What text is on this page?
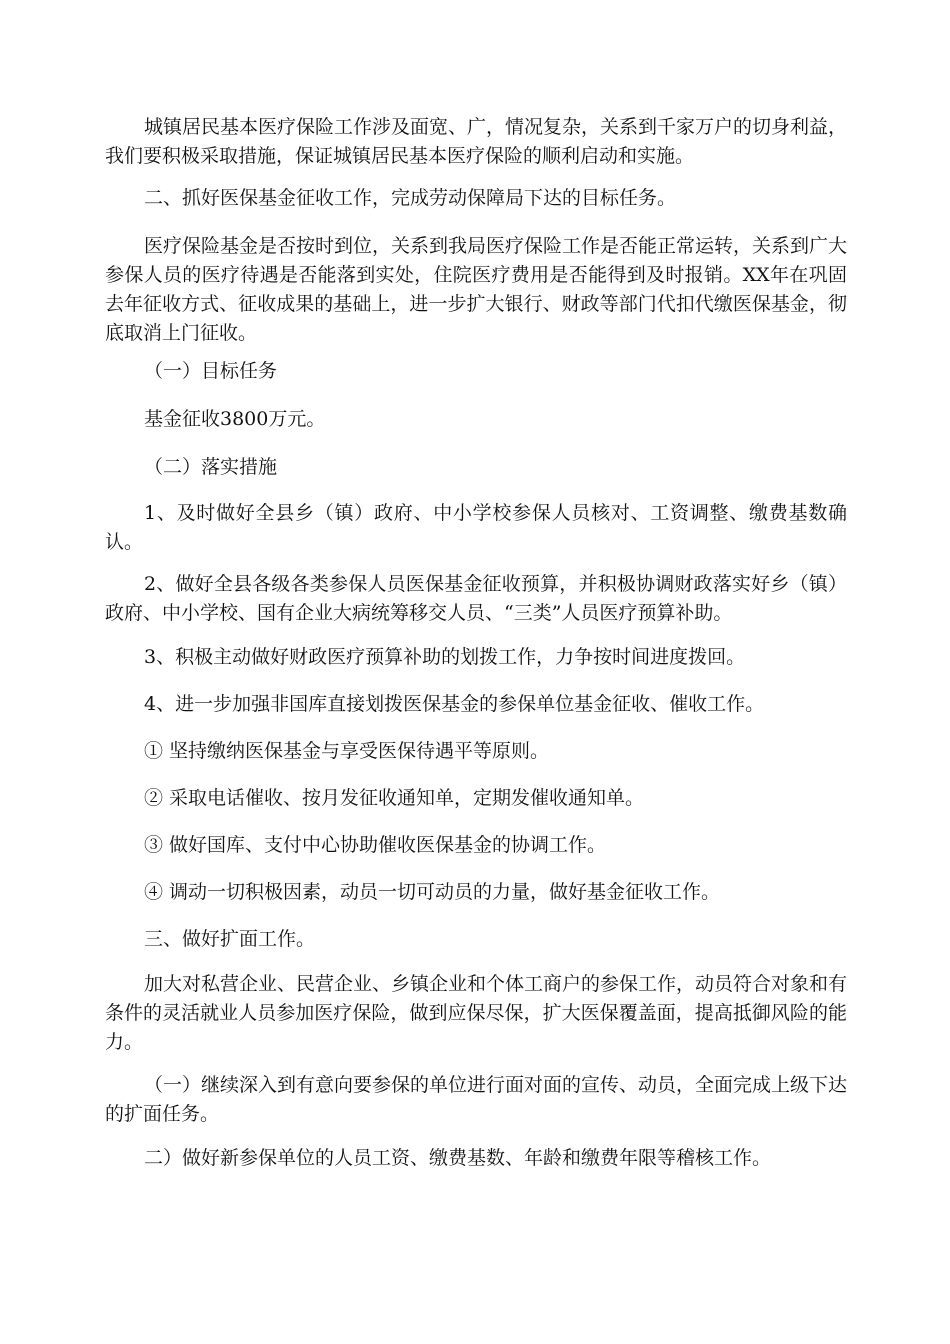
城镇居民基本医疗保险工作涉及面宽、广，情况复杂，关系到千家万户的切身利益，我们要积极采取措施，保证城镇居民基本医疗保险的顺利启动和实施。

二、抓好医保基金征收工作，完成劳动保障局下达的目标任务。

医疗保险基金是否按时到位，关系到我局医疗保险工作是否能正常运转，关系到广大参保人员的医疗待遇是否能落到实处，住院医疗费用是否能得到及时报销。XX年在巩固去年征收方式、征收成果的基础上，进一步扩大银行、财政等部门代扣代缴医保基金，彻底取消上门征收。

（一）目标任务

基金征收3800万元。

（二）落实措施

1、及时做好全县乡（镇）政府、中小学校参保人员核对、工资调整、缴费基数确认。

2、做好全县各级各类参保人员医保基金征收预算，并积极协调财政落实好乡（镇）政府、中小学校、国有企业大病统筹移交人员、“三类”人员医疗预算补助。

3、积极主动做好财政医疗预算补助的划拨工作，力争按时间进度拨回。

4、进一步加强非国库直接划拨医保基金的参保单位基金征收、催收工作。

① 坚持缴纳医保基金与享受医保待遇平等原则。

② 采取电话催收、按月发征收通知单，定期发催收通知单。

③ 做好国库、支付中心协助催收医保基金的协调工作。

④ 调动一切积极因素，动员一切可动员的力量，做好基金征收工作。

三、做好扩面工作。

加大对私营企业、民营企业、乡镇企业和个体工商户的参保工作，动员符合对象和有条件的灵活就业人员参加医疗保险，做到应保尽保，扩大医保覆盖面，提高抵御风险的能力。

（一）继续深入到有意向要参保的单位进行面对面的宣传、动员，全面完成上级下达的扩面任务。

二）做好新参保单位的人员工资、缴费基数、年龄和缴费年限等稽核工作。
